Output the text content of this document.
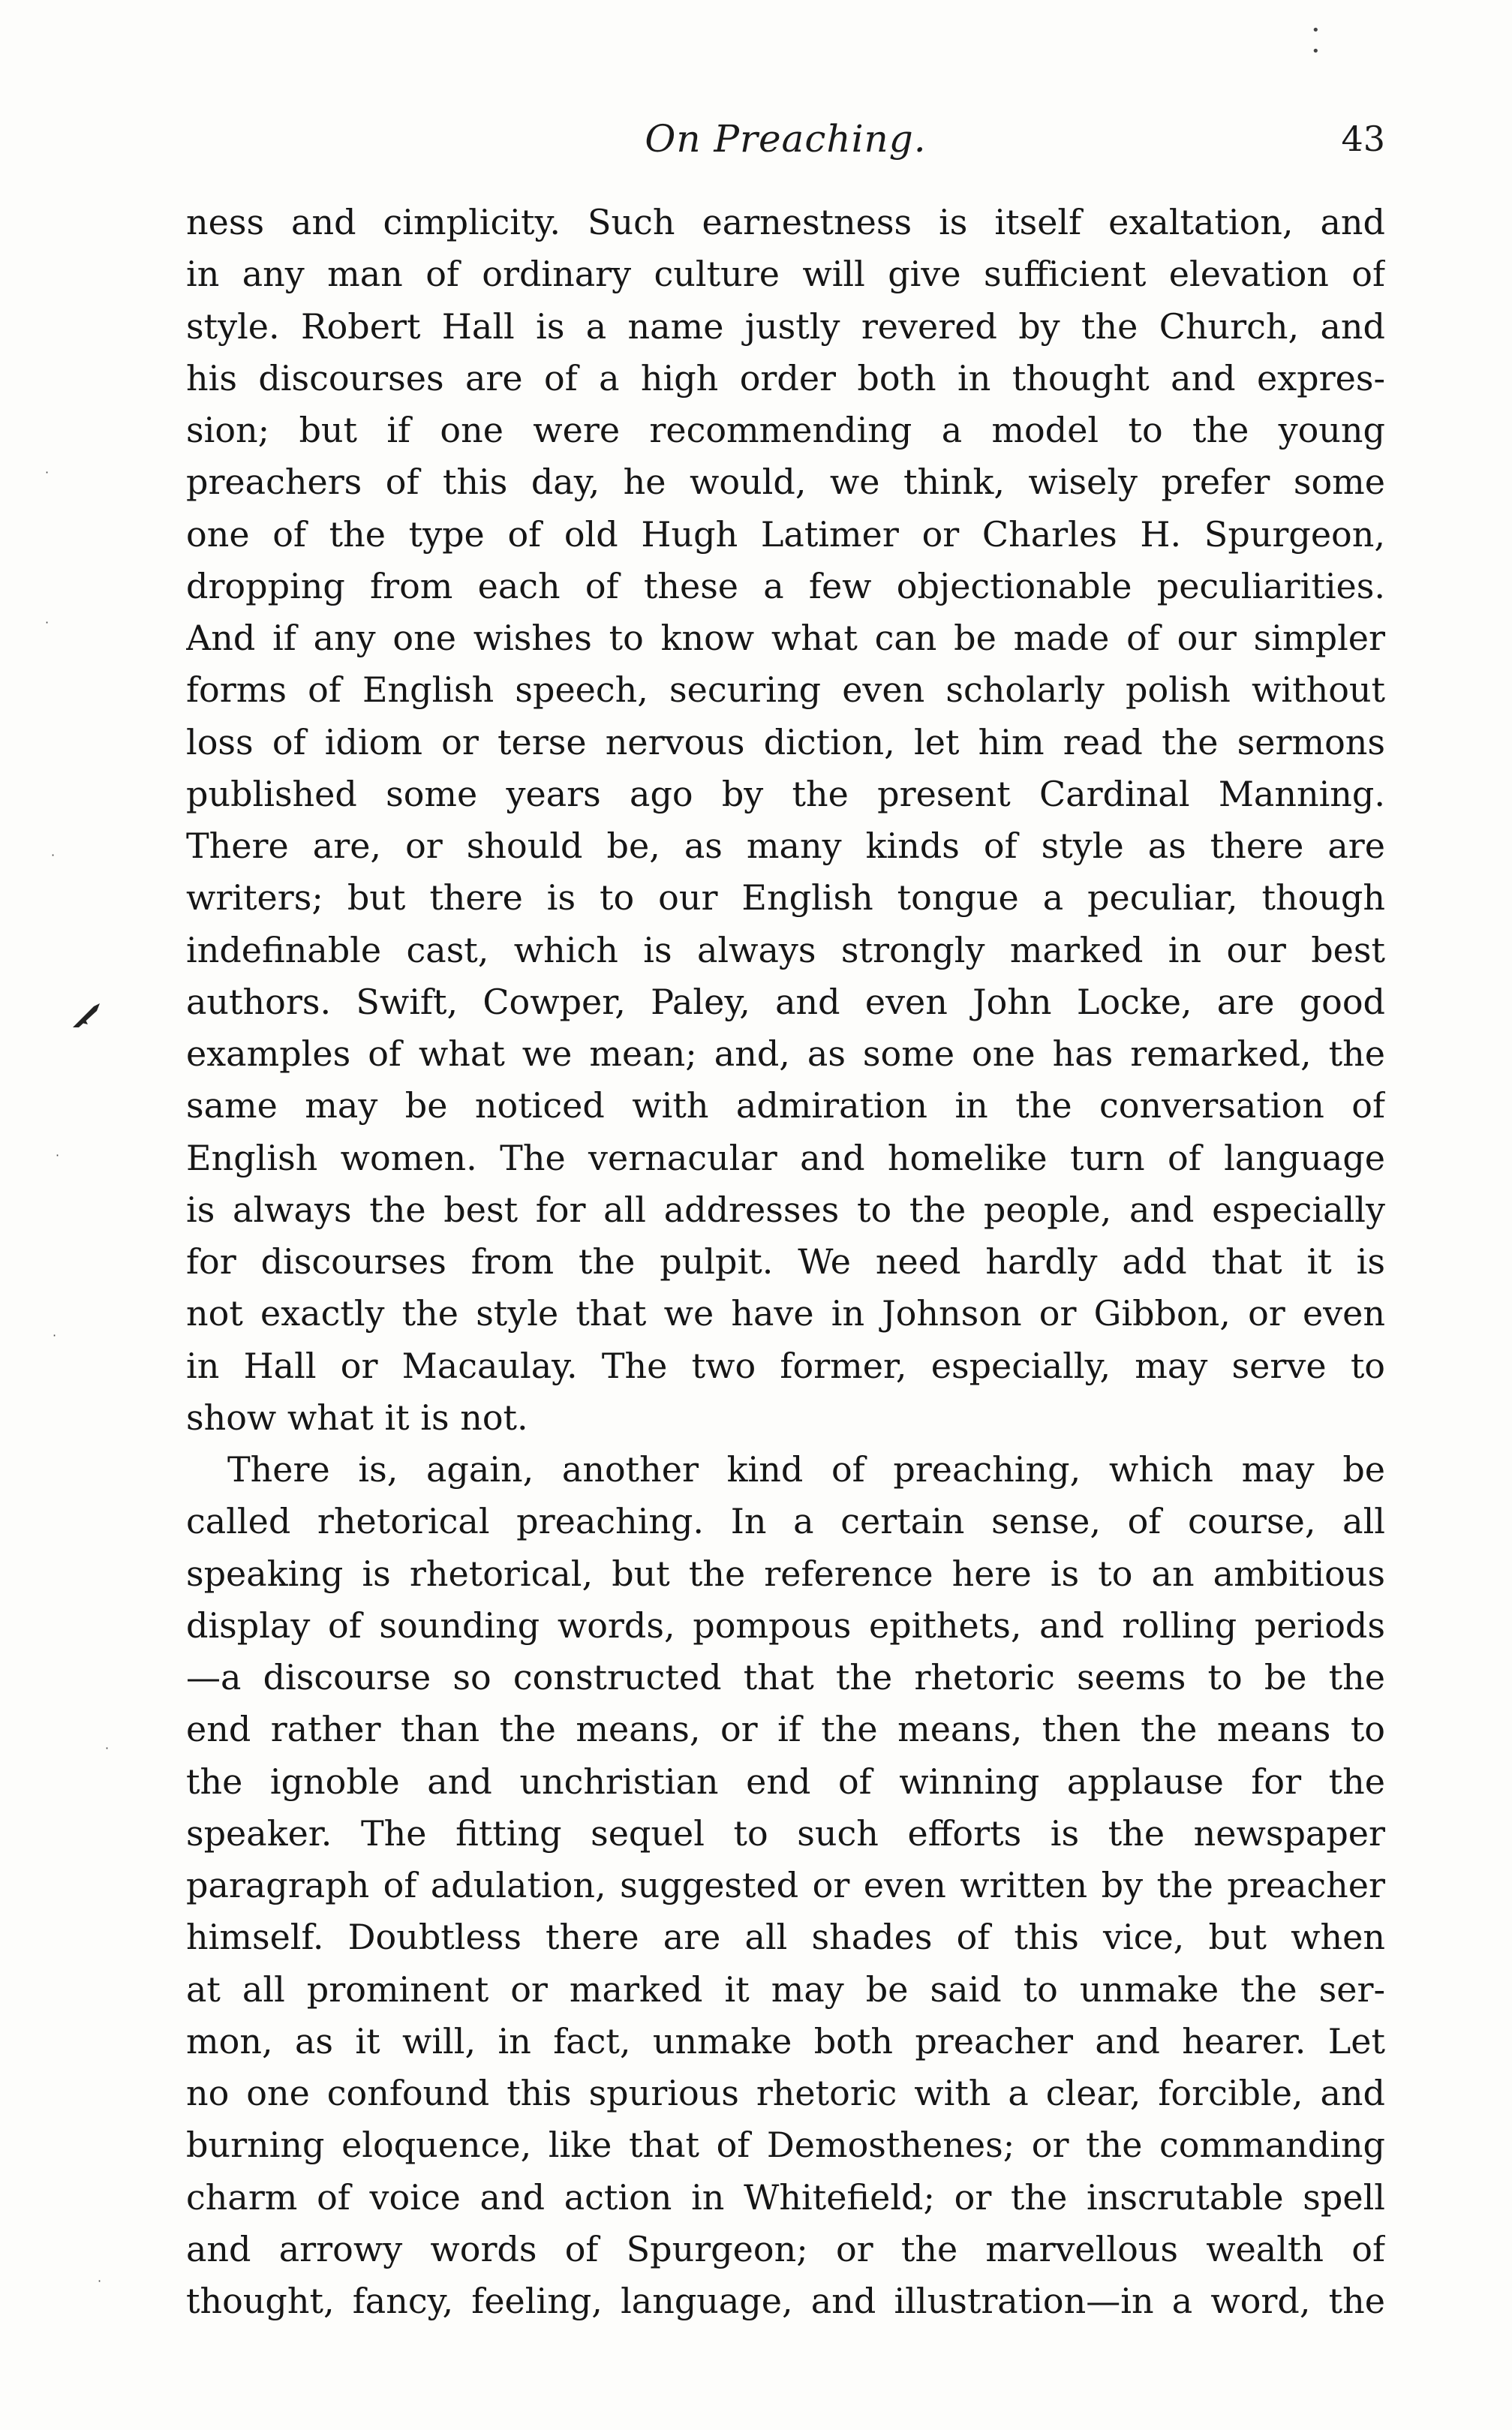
On Preaching.	43
ness and cimplicity. Such earnestness is itself exaltation, and
in any man of ordinary culture will give sufficient elevation of
style. Robert Hall is a name justly revered by the Church, and
his discourses are of a high order both in thought and expres-
sion; but if one were recommending a model to the young
preachers of this day, he would, we think, wisely prefer some
one of the type of old Hugh Latimer or Charles H. Spurgeon,
dropping from each of these a few objectionable peculiarities.
And if any one wishes to know what can be made of our simpler
forms of English speech, securing even scholarly polish without
loss of idiom or terse nervous diction, let him read the sermons
published some years ago by the present Cardinal Manning.
There are, or should be, as many kinds of style as there are
writers; but there is to our English tongue a peculiar, though
indefinable cast, which is always strongly marked in our best
authors. Swift, Cowper, Paley, and even John Locke, are good
examples of what we mean; and, as some one has remarked, the
same may be noticed with admiration in the conversation of
English women. The vernacular and homelike turn of language
is always the best for all addresses to the people, and especially
for discourses from the pulpit. We need hardly add that it is
not exactly the style that we have in Johnson or Gibbon, or even
in Hall or Macaulay. The two former, especially, may serve to
show what it is not.
There is, again, another kind of preaching, which may be
called rhetorical preaching. In a certain sense, of course, all
speaking is rhetorical, but the reference here is to an ambitious
display of sounding words, pompous epithets, and rolling periods
—a discourse so constructed that the rhetoric seems to be the
end rather than the means, or if the means, then the means to
the ignoble and unchristian end of winning applause for the
speaker. The fitting sequel to such efforts is the newspaper
paragraph of adulation, suggested or even written by the preacher
himself. Doubtless there are all shades of this vice, but when
at all prominent or marked it may be said to unmake the ser-
mon, as it will, in fact, unmake both preacher and hearer. Let
no one confound this spurious rhetoric with a clear, forcible, and
burning eloquence, like that of Demosthenes; or the commanding
charm of voice and action in Whitefield; or the inscrutable spell
and arrowy words of Spurgeon; or the marvellous wealth of
thought, fancy, feeling, language, and illustration—in a word, the
•
•
·
·
·
·
·
·
·
